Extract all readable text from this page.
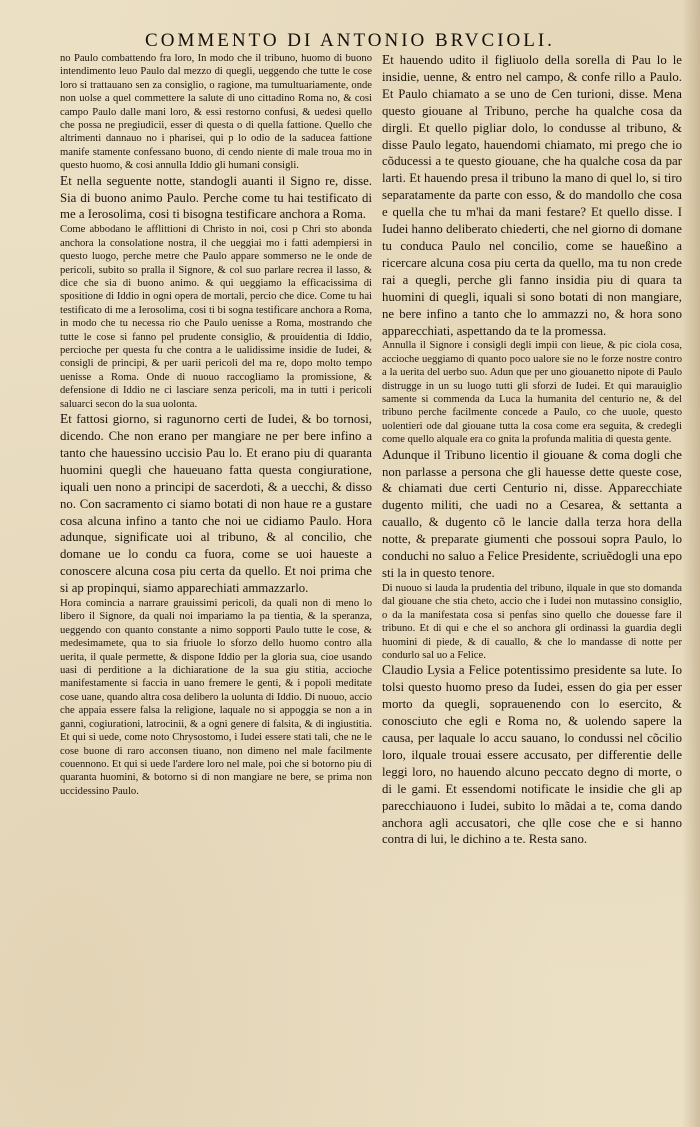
COMMENTO DI ANTONIO BRVCIOLI.

no Paulo combattendo fra loro, In modo che il tribuno, huomo di buono intendimento leuo Paulo dal mezzo di quegli, ueggendo che tutte le cose loro si trattauano sen za consiglio, o ragione, ma tumultuariamente, onde non uolse a quel commettere la salute di uno cittadino Roma no, & cosi campo Paulo dalle mani loro, & essi restorno confusi, & uedesi quello che possa ne pregiudicii, esser di questa o di quella fattione. Quello che altrimenti dannauo no i pharisei, qui p lo odio de la saducea fattione manife stamente confessano buono, di cendo niente di male troua mo in questo huomo, & cosi annulla Iddio gli humani consigli.

Et nella seguente notte, standogli auanti il Signo re, disse. Sia di buono animo Paulo. Perche come tu hai testificato di me a Ierosolima, cosi ti bisogna testificare anchora a Roma.

Come abbodano le afflittioni di Christo in noi, cosi p Chri sto abonda anchora la consolatione nostra, il che ueggiai mo i fatti adempiersi in questo luogo, perche metre che Paulo appare sommerso ne le onde de pericoli, subito so pralla il Signore, & col suo parlare recrea il lasso, & dice che sia di buono animo. & qui ueggiamo la efficacissima di spositione di Iddio in ogni opera de mortali, percio che dice. Come tu hai testificato di me a Ierosolima, cosi ti bi sogna testificare anchora a Roma, in modo che tu necessa rio che Paulo uenisse a Roma, mostrando che tutte le cose si fanno pel prudente consiglio, & prouidentia di Iddio, percioche per questa fu che contra a le ualidissime insidie de Iudei, & consigli de principi, & per uarii pericoli del ma re, dopo molto tempo uenisse a Roma. Onde di nuouo raccogliamo la promissione, & defensione di Iddio ne ci lasciare senza pericoli, ma in tutti i pericoli saluarci secon do la sua uolonta.

Et fattosi giorno, si ragunorno certi de Iudei, & bo tornosi, dicendo. Che non erano per mangiare ne per bere infino a tanto che hauessino uccisio Pau lo. Et erano piu di quaranta huomini quegli che haueuano fatta questa congiuratione, iquali uen nono a principi de sacerdoti, & a uecchi, & disso no. Con sacramento ci siamo botati di non haue re a gustare cosa alcuna infino a tanto che noi ue cidiamo Paulo. Hora adunque, significate uoi al tribuno, & al concilio, che domane ue lo condu ca fuora, come se uoi haueste a conoscere alcuna cosa piu certa da quello. Et noi prima che si ap propinqui, siamo apparechiati ammazzarlo.

Hora comincia a narrare grauissimi pericoli, da quali non di meno lo libero il Signore, da quali noi impariamo la pa tientia, & la speranza, ueggendo con quanto constante a nimo sopporti Paulo tutte le cose, & medesimamete, qua to sia friuole lo sforzo dello huomo contro alla uerita, il quale permette, & dispone Iddio per la gloria sua, cioe usando uasi di perditione a la dichiaratione de la sua giu stitia, accioche manifestamente si faccia in uano fremere le genti, & i popoli meditate cose uane, quando altra cosa delibero la uolunta di Iddio. Di nuouo, accio che appaia essere falsa la religione, laquale no si appoggia se non a in ganni, cogiurationi, latrocinii, & a ogni genere di falsita, & di ingiustitia. Et qui si uede, come noto Chrysostomo, i Iudei essere stati tali, che ne le cose buone di raro acconsen tiuano, non dimeno nel male facilmente couennono. Et qui si uede l'ardere loro nel male, poi che si botorno piu di quaranta huomini, & botorno si di non mangiare ne bere, se prima non uccidessino Paulo.

Et hauendo udito il figliuolo della sorella di Pau lo le insidie, uenne, & entro nel campo, & confe rillo a Paulo. Et Paulo chiamato a se uno de Cen turioni, disse. Mena questo giouane al Tribuno, perche ha qualche cosa da dirgli. Et quello pigliar dolo, lo condusse al tribuno, & disse Paulo legato, hauendomi chiamato, mi prego che io cõducessi a te questo giouane, che ha qualche cosa da par larti. Et hauendo presa il tribuno la mano di quel lo, si tiro separatamente da parte con esso, & do mandollo che cosa e quella che tu m'hai da mani festare? Et quello disse. I Iudei hanno deliberato chiederti, che nel giorno di domane tu conduca Paulo nel concilio, come se haueßino a ricercare alcuna cosa piu certa da quello, ma tu non crede rai a quegli, perche gli fanno insidia piu di quara ta huomini di quegli, iquali si sono botati di non mangiare, ne bere infino a tanto che lo ammazzi no, & hora sono apparecchiati, aspettando da te la promessa.

Annulla il Signore i consigli degli impii con lieue, & pic ciola cosa, accioche ueggiamo di quanto poco ualore sie no le forze nostre contro a la uerita del uerbo suo. Adun que per uno giouanetto nipote di Paulo distrugge in un su luogo tutti gli sforzi de Iudei. Et qui marauiglio samente si commenda da Luca la humanita del centurio ne, & del tribuno perche facilmente concede a Paulo, co che uuole, questo uolentieri ode dal giouane tutta la cosa come era seguita, & credegli come quello alquale era co gnita la profunda malitia di questa gente.

Adunque il Tribuno licentio il giouane & coma dogli che non parlasse a persona che gli hauesse dette queste cose, & chiamati due certi Centurio ni, disse. Apparecchiate dugento militi, che uadi no a Cesarea, & settanta a cauallo, & dugento cõ le lancie dalla terza hora della notte, & preparate giumenti che possoui sopra Paulo, lo conduchi no saluo a Felice Presidente, scriuẽdogli una epo sti la in questo tenore.

Di nuouo si lauda la prudentia del tribuno, ilquale in que sto domanda dal giouane che stia cheto, accio che i Iudei non mutassino consiglio, o da la manifestata cosa si penfas sino quello che douesse fare il tribuno. Et di qui e che el so anchora gli ordinassi la guardia degli huomini di piede, & di cauallo, & che lo mandasse di notte per condurlo sal uo a Felice.

Claudio Lysia a Felice potentissimo presidente sa lute. Io tolsi questo huomo preso da Iudei, essen do gia per esser morto da quegli, soprauenendo con lo esercito, & conosciuto che egli e Roma no, & uolendo sapere la causa, per laquale lo accu sauano, lo condussi nel cõcilio loro, ilquale trouai essere accusato, per differentie delle leggi loro, no hauendo alcuno peccato degno di morte, o di le gami. Et essendomi notificate le insidie che gli ap parecchiauono i Iudei, subito lo mãdai a te, coma dando anchora agli accusatori, che qlle cose che e si hanno contra di lui, le dichino a te. Resta sano.
